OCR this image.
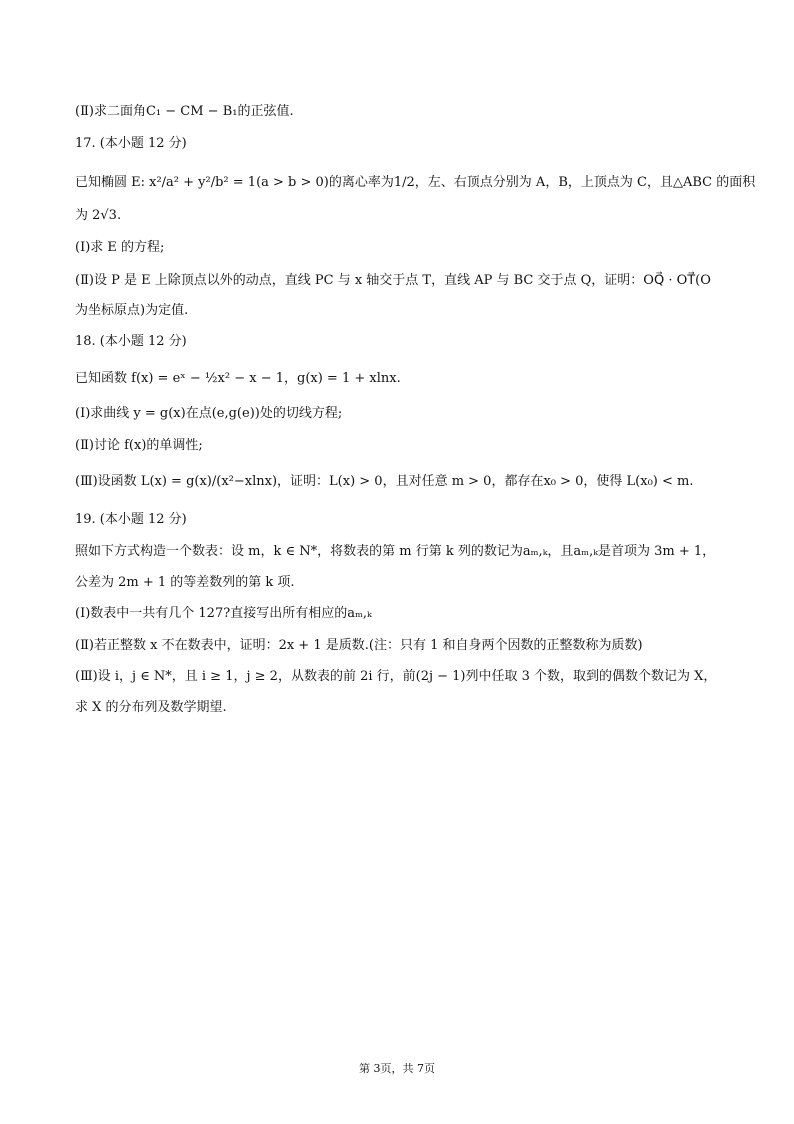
(Ⅱ)求二面角C₁ − CM − B₁的正弦值.
17. (本小题 12 分)
已知椭圆 E: x²/a² + y²/b² = 1(a > b > 0)的离心率为1/2，左、右顶点分别为 A，B，上顶点为 C，且△ABC 的面积
为 2√3.
(Ⅰ)求 E 的方程;
(Ⅱ)设 P 是 E 上除顶点以外的动点，直线 PC 与 x 轴交于点 T，直线 AP 与 BC 交于点 Q，证明：OQ⃗ · OT⃗(O
为坐标原点)为定值.
18. (本小题 12 分)
已知函数 f(x) = eˣ − ½x² − x − 1，g(x) = 1 + xlnx.
(Ⅰ)求曲线 y = g(x)在点(e,g(e))处的切线方程;
(Ⅱ)讨论 f(x)的单调性;
(Ⅲ)设函数 L(x) = g(x)/(x²−xlnx)，证明：L(x) > 0，且对任意 m > 0，都存在x₀ > 0，使得 L(x₀) < m.
19. (本小题 12 分)
照如下方式构造一个数表：设 m，k ∈ N*，将数表的第 m 行第 k 列的数记为aₘ,ₖ，且aₘ,ₖ是首项为 3m + 1，
公差为 2m + 1 的等差数列的第 k 项.
(Ⅰ)数表中一共有几个 127?直接写出所有相应的aₘ,ₖ
(Ⅱ)若正整数 x 不在数表中，证明：2x + 1 是质数.(注：只有 1 和自身两个因数的正整数称为质数)
(Ⅲ)设 i，j ∈ N*，且 i ≥ 1，j ≥ 2，从数表的前 2i 行，前(2j − 1)列中任取 3 个数，取到的偶数个数记为 X，
求 X 的分布列及数学期望.
第 3页，共 7页
